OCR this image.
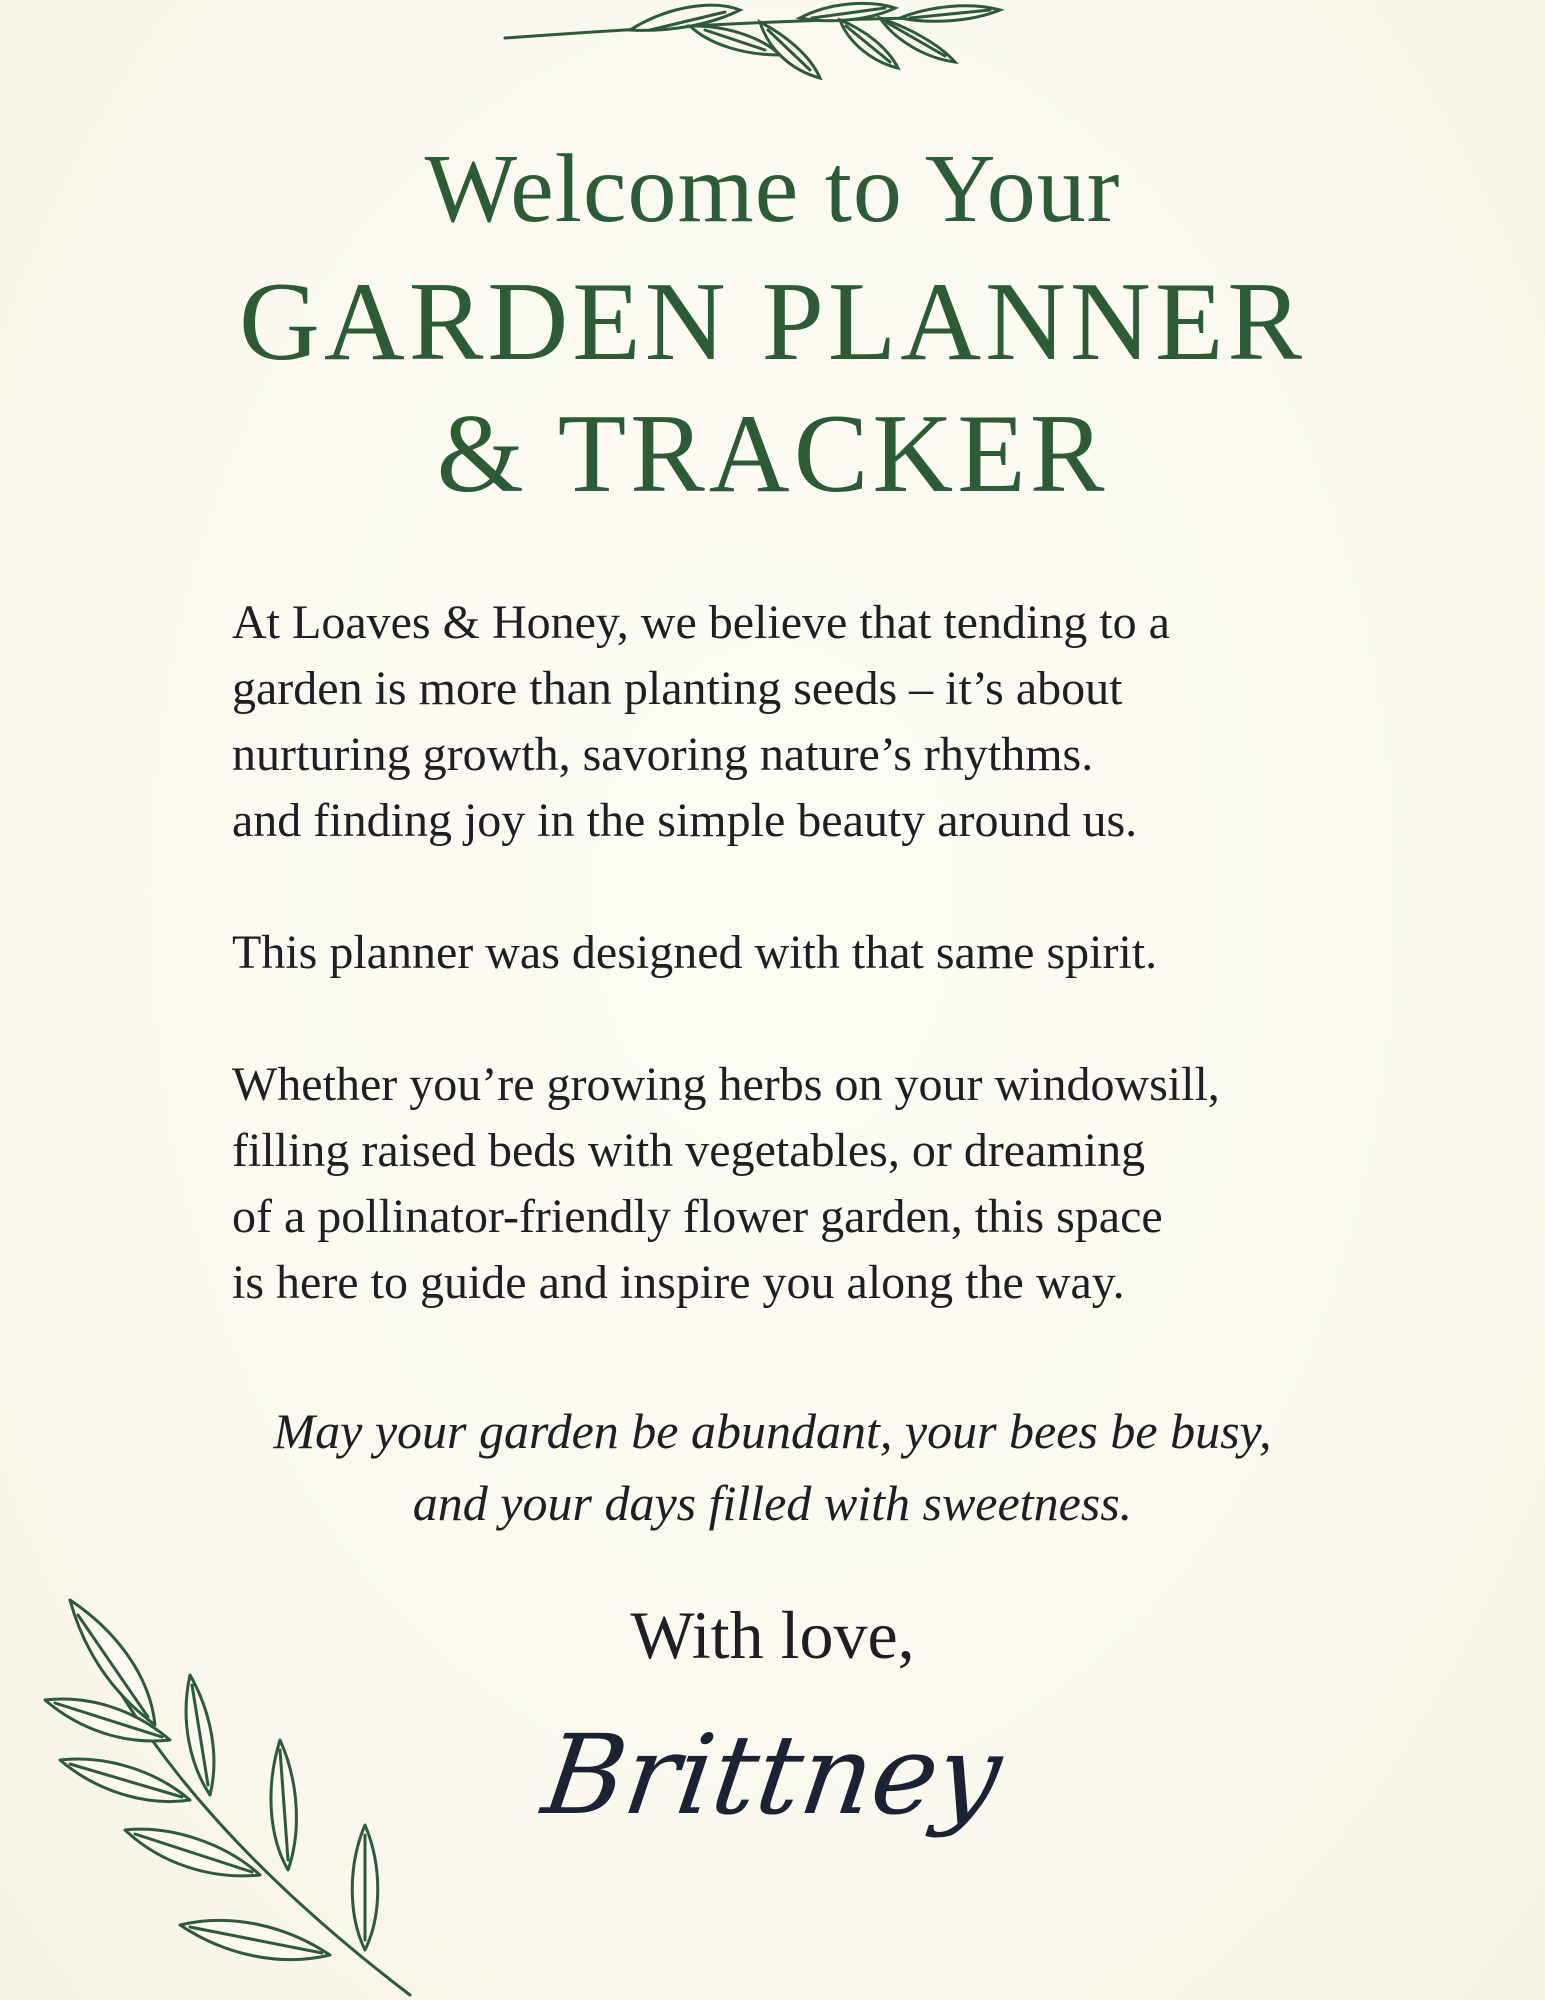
Welcome to Your
GARDEN PLANNER
& TRACKER

At Loaves & Honey, we believe that tending to a
garden is more than planting seeds – it’s about
nurturing growth, savoring nature’s rhythms.
and finding joy in the simple beauty around us.

This planner was designed with that same spirit.

Whether you’re growing herbs on your windowsill,
filling raised beds with vegetables, or dreaming
of a pollinator-friendly flower garden, this space
is here to guide and inspire you along the way.

May your garden be abundant, your bees be busy,
and your days filled with sweetness.
With love,
Brittney
